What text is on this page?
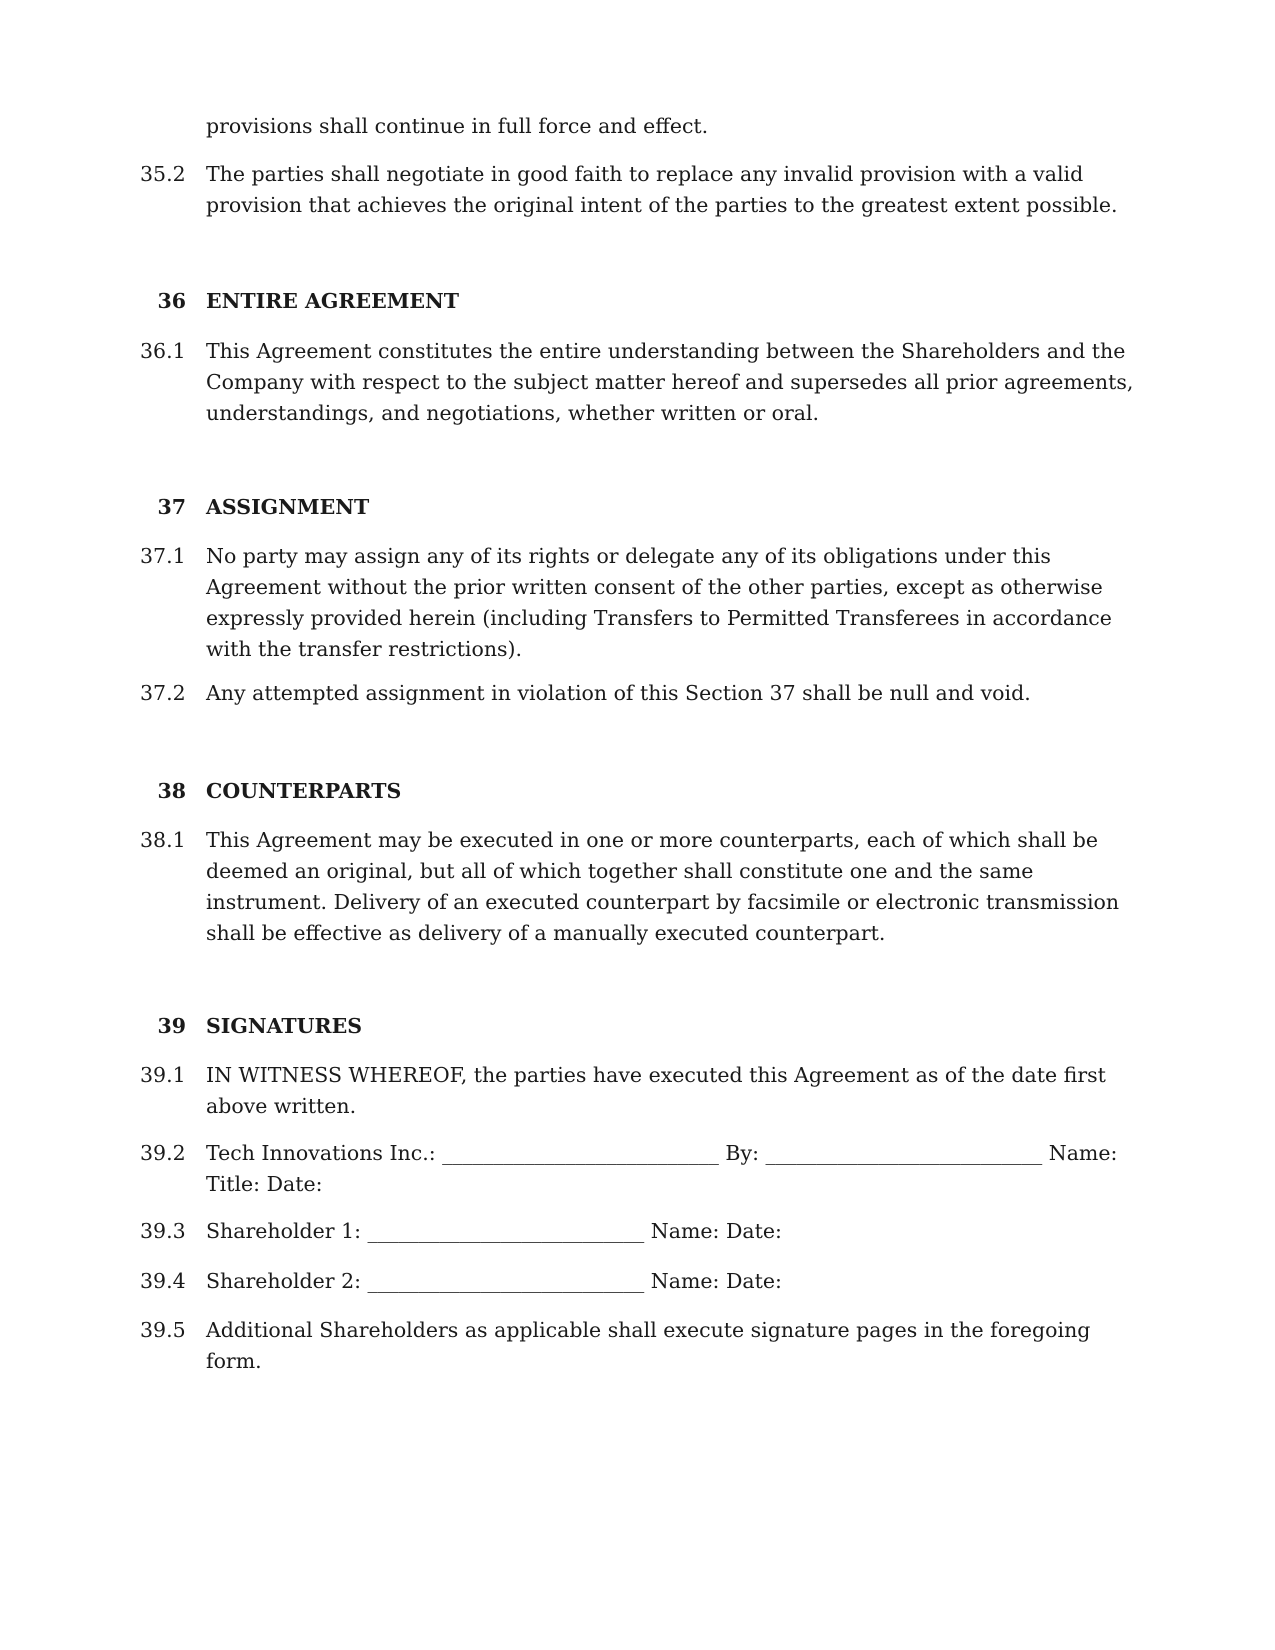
provisions shall continue in full force and effect.
35.2 The parties shall negotiate in good faith to replace any invalid provision with a valid provision that achieves the original intent of the parties to the greatest extent possible.
36 ENTIRE AGREEMENT
36.1 This Agreement constitutes the entire understanding between the Shareholders and the Company with respect to the subject matter hereof and supersedes all prior agreements, understandings, and negotiations, whether written or oral.
37 ASSIGNMENT
37.1 No party may assign any of its rights or delegate any of its obligations under this Agreement without the prior written consent of the other parties, except as otherwise expressly provided herein (including Transfers to Permitted Transferees in accordance with the transfer restrictions).
37.2 Any attempted assignment in violation of this Section 37 shall be null and void.
38 COUNTERPARTS
38.1 This Agreement may be executed in one or more counterparts, each of which shall be deemed an original, but all of which together shall constitute one and the same instrument. Delivery of an executed counterpart by facsimile or electronic transmission shall be effective as delivery of a manually executed counterpart.
39 SIGNATURES
39.1 IN WITNESS WHEREOF, the parties have executed this Agreement as of the date first above written.
39.2 Tech Innovations Inc.: ___________________________ By: ___________________________ Name: Title: Date:
39.3 Shareholder 1: ___________________________ Name: Date:
39.4 Shareholder 2: ___________________________ Name: Date:
39.5 Additional Shareholders as applicable shall execute signature pages in the foregoing form.
